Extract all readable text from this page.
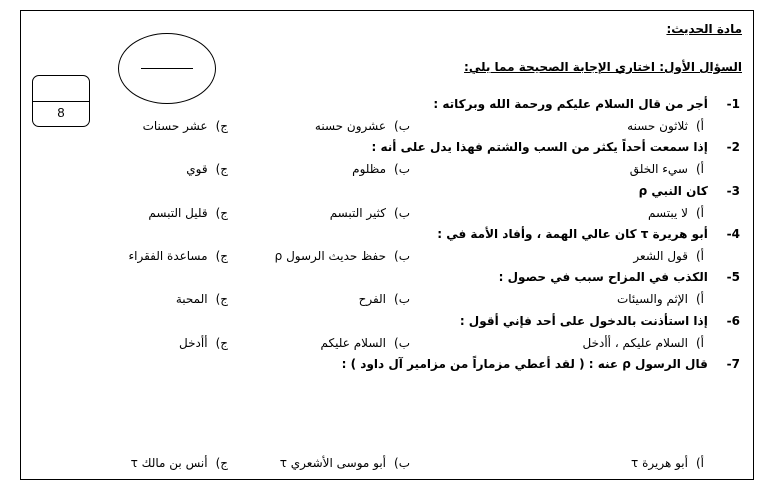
مادة الحديث:
السؤال الأول: اختاري الإجابة الصحيحة مما يلي:
8
1- أجر من قال السلام عليكم ورحمة الله وبركاته :
أ)ثلاثون حسنه
ب)عشرون حسنه
ج)عشر حسنات
2- إذا سمعت أحداً يكثر من السب والشتم فهذا يدل على أنه :
أ)سيء الخلق
ب)مظلوم
ج)قوي
3- كان النبي ρ
أ)لا يبتسم
ب)كثير التبسم
ج)قليل التبسم
4- أبو هريرة τ كان عالي الهمة ، وأفاد الأمة في :
أ)قول الشعر
ب)حفظ حديث الرسول ρ
ج)مساعدة الفقراء
5- الكذب في المزاح سبب في حصول :
أ)الإثم والسيئات
ب)الفرح
ج)المحبة
6- إذا استأذنت بالدخول على أحد فإني أقول :
أ)السلام عليكم ، أأدخل
ب)السلام عليكم
ج)أأدخل
7- قال الرسول ρ عنه : ( لقد أعطي مزماراً من مزامير آل داود ) :
أ)أبو هريرة τ
ب)أبو موسى الأشعري τ
ج)أنس بن مالك τ
